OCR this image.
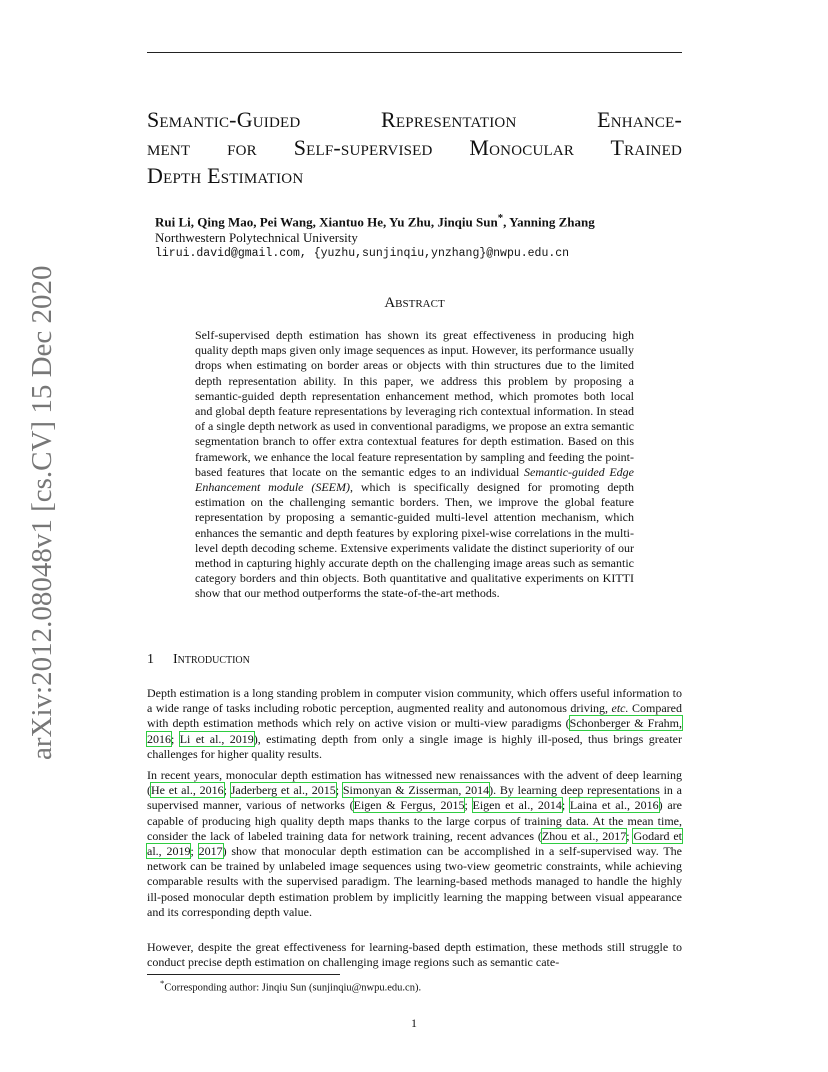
arXiv:2012.08048v1 [cs.CV] 15 Dec 2020
Semantic-Guided Representation Enhance-
ment for Self-supervised Monocular Trained
Depth Estimation
Rui Li, Qing Mao, Pei Wang, Xiantuo He, Yu Zhu, Jinqiu Sun*, Yanning Zhang
Northwestern Polytechnical University
lirui.david@gmail.com, {yuzhu,sunjinqiu,ynzhang}@nwpu.edu.cn
Abstract

Self-supervised depth estimation has shown its great effectiveness in producing high quality depth maps given only image sequences as input. However, its performance usually drops when estimating on border areas or objects with thin structures due to the limited depth representation ability. In this paper, we address this problem by proposing a semantic-guided depth representation enhancement method, which promotes both local and global depth feature representations by leveraging rich contextual information. In stead of a single depth network as used in conventional paradigms, we propose an extra semantic segmentation branch to offer extra contextual features for depth estimation. Based on this framework, we enhance the local feature representation by sampling and feeding the point-based features that locate on the semantic edges to an individual Semantic-guided Edge Enhancement module (SEEM), which is specifically designed for promoting depth estimation on the challenging semantic borders. Then, we improve the global feature representation by proposing a semantic-guided multi-level attention mechanism, which enhances the semantic and depth features by exploring pixel-wise correlations in the multi-level depth decoding scheme. Extensive experiments validate the distinct superiority of our method in capturing highly accurate depth on the challenging image areas such as semantic category borders and thin objects. Both quantitative and qualitative experiments on KITTI show that our method outperforms the state-of-the-art methods.

1 Introduction

Depth estimation is a long standing problem in computer vision community, which offers useful information to a wide range of tasks including robotic perception, augmented reality and autonomous driving, etc. Compared with depth estimation methods which rely on active vision or multi-view paradigms (Schonberger & Frahm, 2016; Li et al., 2019), estimating depth from only a single image is highly ill-posed, thus brings greater challenges for higher quality results.

In recent years, monocular depth estimation has witnessed new renaissances with the advent of deep learning (He et al., 2016; Jaderberg et al., 2015; Simonyan & Zisserman, 2014). By learning deep representations in a supervised manner, various of networks (Eigen & Fergus, 2015; Eigen et al., 2014; Laina et al., 2016) are capable of producing high quality depth maps thanks to the large corpus of training data. At the mean time, consider the lack of labeled training data for network training, recent advances (Zhou et al., 2017; Godard et al., 2019; 2017) show that monocular depth estimation can be accomplished in a self-supervised way. The network can be trained by unlabeled image sequences using two-view geometric constraints, while achieving comparable results with the supervised paradigm. The learning-based methods managed to handle the highly ill-posed monocular depth estimation problem by implicitly learning the mapping between visual appearance and its corresponding depth value.

However, despite the great effectiveness for learning-based depth estimation, these methods still struggle to conduct precise depth estimation on challenging image regions such as semantic cate-

*Corresponding author: Jinqiu Sun (sunjinqiu@nwpu.edu.cn).
1
